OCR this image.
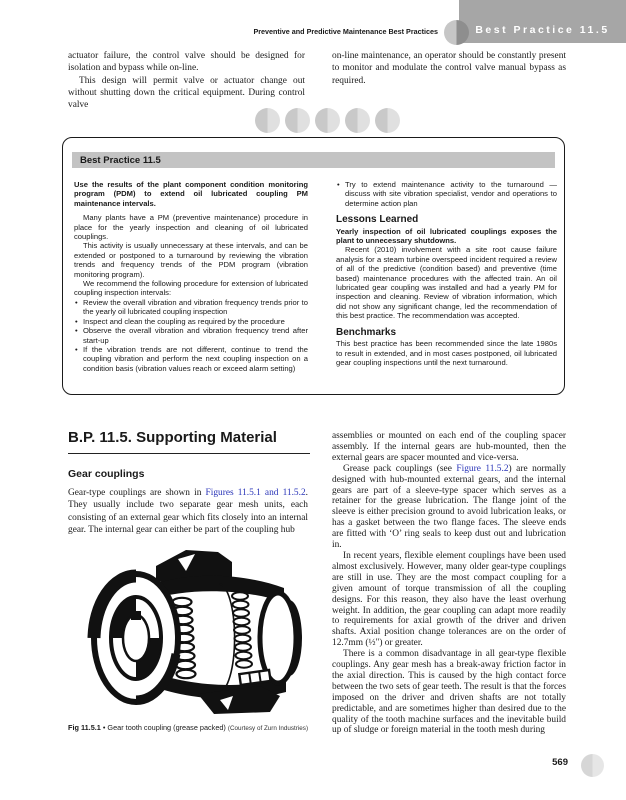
Best Practice 11.5
Preventive and Predictive Maintenance Best Practices

actuator failure, the control valve should be designed for isolation and bypass while on-line.

This design will permit valve or actuator change out without shutting down the critical equipment. During control valve

on-line maintenance, an operator should be constantly present to monitor and modulate the control valve manual bypass as required.

Best Practice 11.5

Use the results of the plant component condition monitoring program (PDM) to extend oil lubricated coupling PM maintenance intervals.

Many plants have a PM (preventive maintenance) procedure in place for the yearly inspection and cleaning of oil lubricated couplings.

This activity is usually unnecessary at these intervals, and can be extended or postponed to a turnaround by reviewing the vibration trends and frequency trends of the PDM program (vibration monitoring program).

We recommend the following procedure for extension of lubricated coupling inspection intervals:

• Review the overall vibration and vibration frequency trends prior to the yearly oil lubricated coupling inspection
• Inspect and clean the coupling as required by the procedure
• Observe the overall vibration and vibration frequency trend after start-up
• If the vibration trends are not different, continue to trend the coupling vibration and perform the next coupling inspection on a condition basis (vibration values reach or exceed alarm setting)
• Try to extend maintenance activity to the turnaround — discuss with site vibration specialist, vendor and operations to determine action plan
Lessons Learned

Yearly inspection of oil lubricated couplings exposes the plant to unnecessary shutdowns.

Recent (2010) involvement with a site root cause failure analysis for a steam turbine overspeed incident required a review of all of the predictive (condition based) and preventive (time based) maintenance procedures with the affected train. An oil lubricated gear coupling was installed and had a yearly PM for inspection and cleaning. Review of vibration information, which did not show any significant change, led the recommendation of this best practice. The recommendation was accepted.

Benchmarks

This best practice has been recommended since the late 1980s to result in extended, and in most cases postponed, oil lubricated gear coupling inspections until the next turnaround.

B.P. 11.5. Supporting Material
Gear couplings

Gear-type couplings are shown in Figures 11.5.1 and 11.5.2. They usually include two separate gear mesh units, each consisting of an external gear which fits closely into an internal gear. The internal gear can either be part of the coupling hub

Fig 11.5.1 • Gear tooth coupling (grease packed) (Courtesy of Zurn Industries)

assemblies or mounted on each end of the coupling spacer assembly. If the internal gears are hub-mounted, then the external gears are spacer mounted and vice-versa.

Grease pack couplings (see Figure 11.5.2) are normally designed with hub-mounted external gears, and the internal gears are part of a sleeve-type spacer which serves as a retainer for the grease lubrication. The flange joint of the sleeve is either precision ground to avoid lubrication leaks, or has a gasket between the two flange faces. The sleeve ends are fitted with ‘O’ ring seals to keep dust out and lubrication in.

In recent years, flexible element couplings have been used almost exclusively. However, many older gear-type couplings are still in use. They are the most compact coupling for a given amount of torque transmission of all the coupling designs. For this reason, they also have the least overhung weight. In addition, the gear coupling can adapt more readily to requirements for axial growth of the driver and driven shafts. Axial position change tolerances are on the order of 12.7mm (½") or greater.

There is a common disadvantage in all gear-type flexible couplings. Any gear mesh has a break-away friction factor in the axial direction. This is caused by the high contact force between the two sets of gear teeth. The result is that the forces imposed on the driver and driven shafts are not totally predictable, and are sometimes higher than desired due to the quality of the tooth machine surfaces and the inevitable build up of sludge or foreign material in the tooth mesh during

569
